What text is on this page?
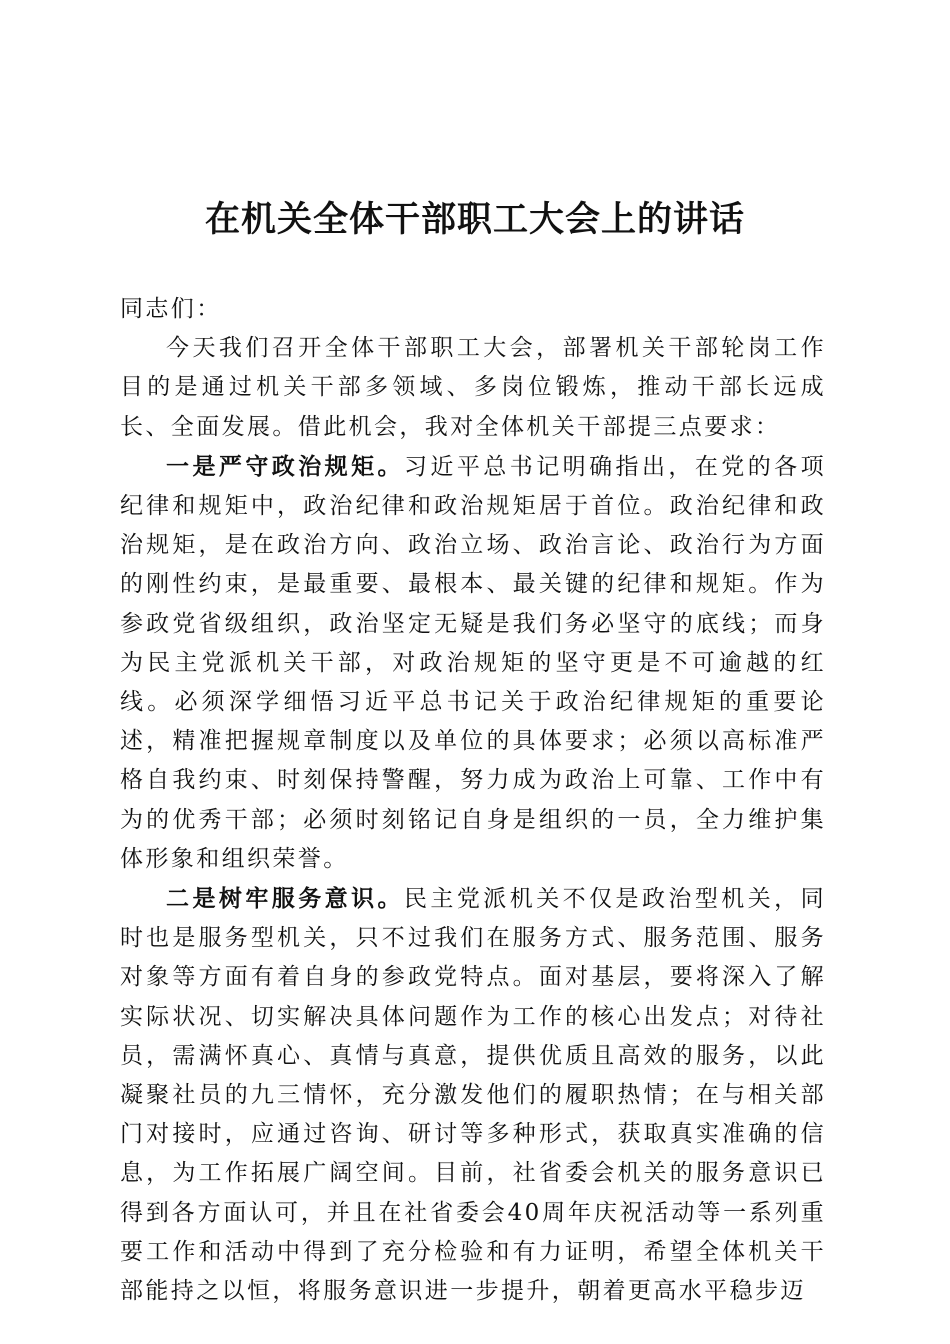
在机关全体干部职工大会上的讲话

同志们：

今天我们召开全体干部职工大会，部署机关干部轮岗工作目的是通过机关干部多领域、多岗位锻炼，推动干部长远成长、全面发展。借此机会，我对全体机关干部提三点要求：

一是严守政治规矩。习近平总书记明确指出，在党的各项纪律和规矩中，政治纪律和政治规矩居于首位。政治纪律和政治规矩，是在政治方向、政治立场、政治言论、政治行为方面的刚性约束，是最重要、最根本、最关键的纪律和规矩。作为参政党省级组织，政治坚定无疑是我们务必坚守的底线；而身为民主党派机关干部，对政治规矩的坚守更是不可逾越的红线。必须深学细悟习近平总书记关于政治纪律规矩的重要论述，精准把握规章制度以及单位的具体要求；必须以高标准严格自我约束、时刻保持警醒，努力成为政治上可靠、工作中有为的优秀干部；必须时刻铭记自身是组织的一员，全力维护集体形象和组织荣誉。

二是树牢服务意识。民主党派机关不仅是政治型机关，同时也是服务型机关，只不过我们在服务方式、服务范围、服务对象等方面有着自身的参政党特点。面对基层，要将深入了解实际状况、切实解决具体问题作为工作的核心出发点；对待社员，需满怀真心、真情与真意，提供优质且高效的服务，以此凝聚社员的九三情怀，充分激发他们的履职热情；在与相关部门对接时，应通过咨询、研讨等多种形式，获取真实准确的信息，为工作拓展广阔空间。目前，社省委会机关的服务意识已得到各方面认可，并且在社省委会40周年庆祝活动等一系列重要工作和活动中得到了充分检验和有力证明，希望全体机关干部能持之以恒，将服务意识进一步提升，朝着更高水平稳步迈
